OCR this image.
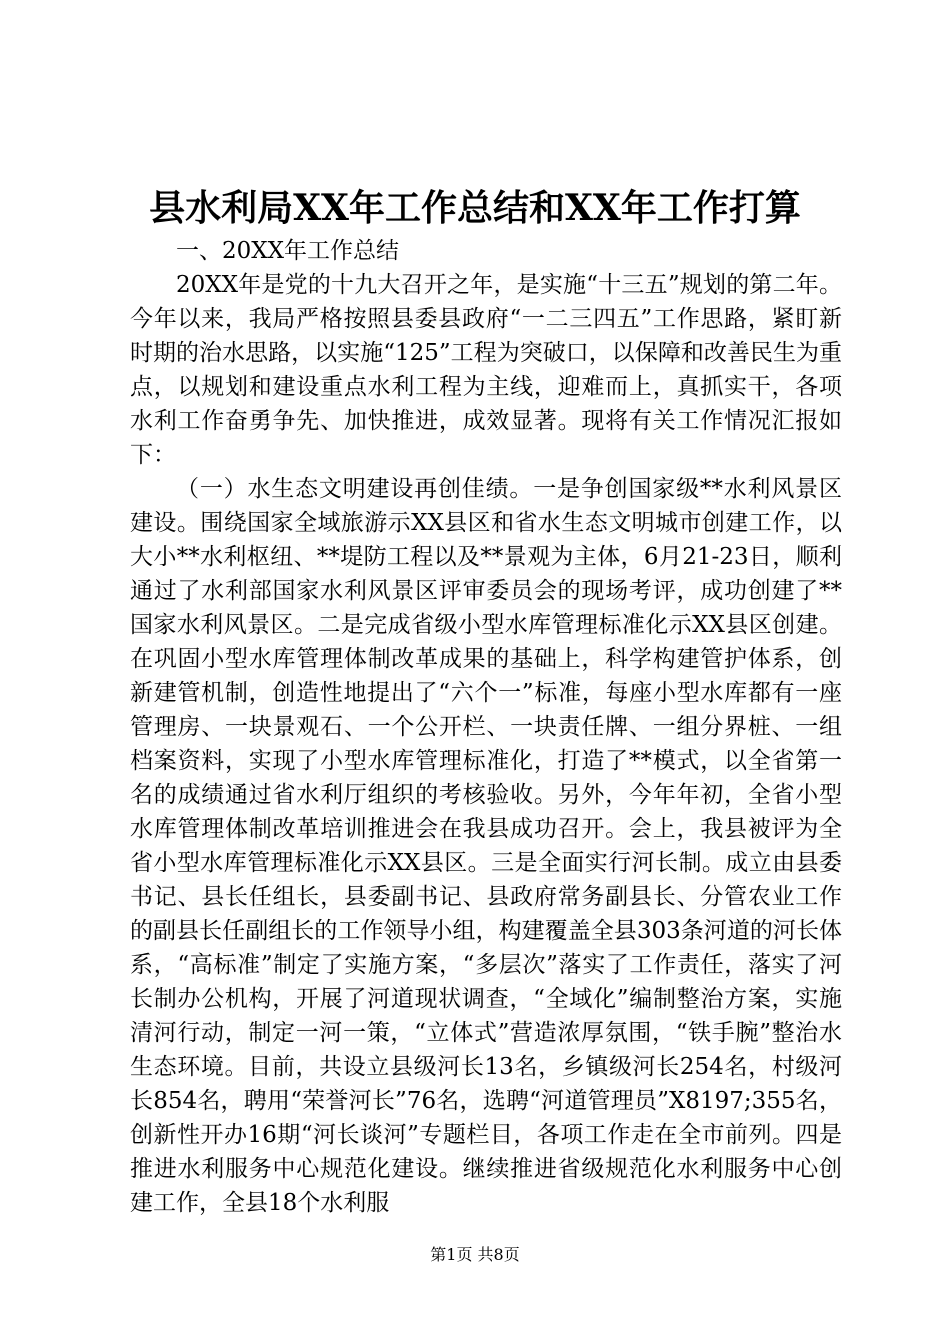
县水利局XX年工作总结和XX年工作打算

一、20XX年工作总结

20XX年是党的十九大召开之年，是实施“十三五”规划的第二年。今年以来，我局严格按照县委县政府“一二三四五”工作思路，紧盯新时期的治水思路，以实施“125”工程为突破口，以保障和改善民生为重点，以规划和建设重点水利工程为主线，迎难而上，真抓实干，各项水利工作奋勇争先、加快推进，成效显著。现将有关工作情况汇报如下：

（一）水生态文明建设再创佳绩。一是争创国家级**水利风景区建设。围绕国家全域旅游示XX县区和省水生态文明城市创建工作，以大小**水利枢纽、**堤防工程以及**景观为主体，6月21-23日，顺利通过了水利部国家水利风景区评审委员会的现场考评，成功创建了**国家水利风景区。二是完成省级小型水库管理标准化示XX县区创建。在巩固小型水库管理体制改革成果的基础上，科学构建管护体系，创新建管机制，创造性地提出了“六个一”标准，每座小型水库都有一座管理房、一块景观石、一个公开栏、一块责任牌、一组分界桩、一组档案资料，实现了小型水库管理标准化，打造了**模式，以全省第一名的成绩通过省水利厅组织的考核验收。另外，今年年初，全省小型水库管理体制改革培训推进会在我县成功召开。会上，我县被评为全省小型水库管理标准化示XX县区。三是全面实行河长制。成立由县委书记、县长任组长，县委副书记、县政府常务副县长、分管农业工作的副县长任副组长的工作领导小组，构建覆盖全县303条河道的河长体系，“高标准”制定了实施方案，“多层次”落实了工作责任，落实了河长制办公机构，开展了河道现状调查，“全域化”编制整治方案，实施清河行动，制定一河一策，“立体式”营造浓厚氛围，“铁手腕”整治水生态环境。目前，共设立县级河长13名，乡镇级河长254名，村级河长854名，聘用“荣誉河长”76名，选聘“河道管理员”X8197;355名，创新性开办16期“河长谈河”专题栏目，各项工作走在全市前列。四是推进水利服务中心规范化建设。继续推进省级规范化水利服务中心创建工作，全县18个水利服

第1页 共8页
